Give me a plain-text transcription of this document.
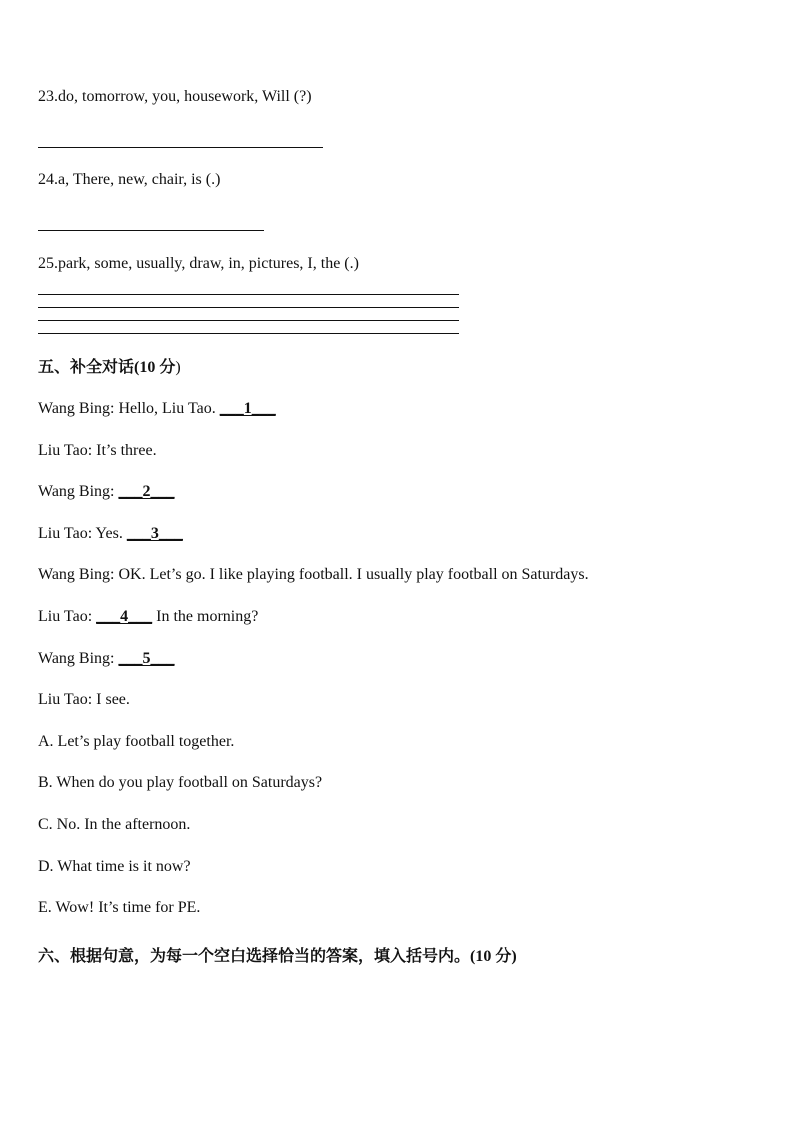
23.do, tomorrow, you, housework, Will (?)
24.a, There, new, chair, is (.)
25.park, some, usually, draw, in, pictures, I, the (.)
五、补全对话(10 分)
Wang Bing: Hello, Liu Tao. ___1___
Liu Tao: It’s three.
Wang Bing: ___2___
Liu Tao: Yes. ___3___
Wang Bing: OK. Let’s go. I like playing football. I usually play football on Saturdays.
Liu Tao: ___4___ In the morning?
Wang Bing: ___5___
Liu Tao: I see.
A. Let’s play football together.
B. When do you play football on Saturdays?
C. No. In the afternoon.
D. What time is it now?
E. Wow! It’s time for PE.
六、根据句意，为每一个空白选择恰当的答案，填入括号内。(10 分)
